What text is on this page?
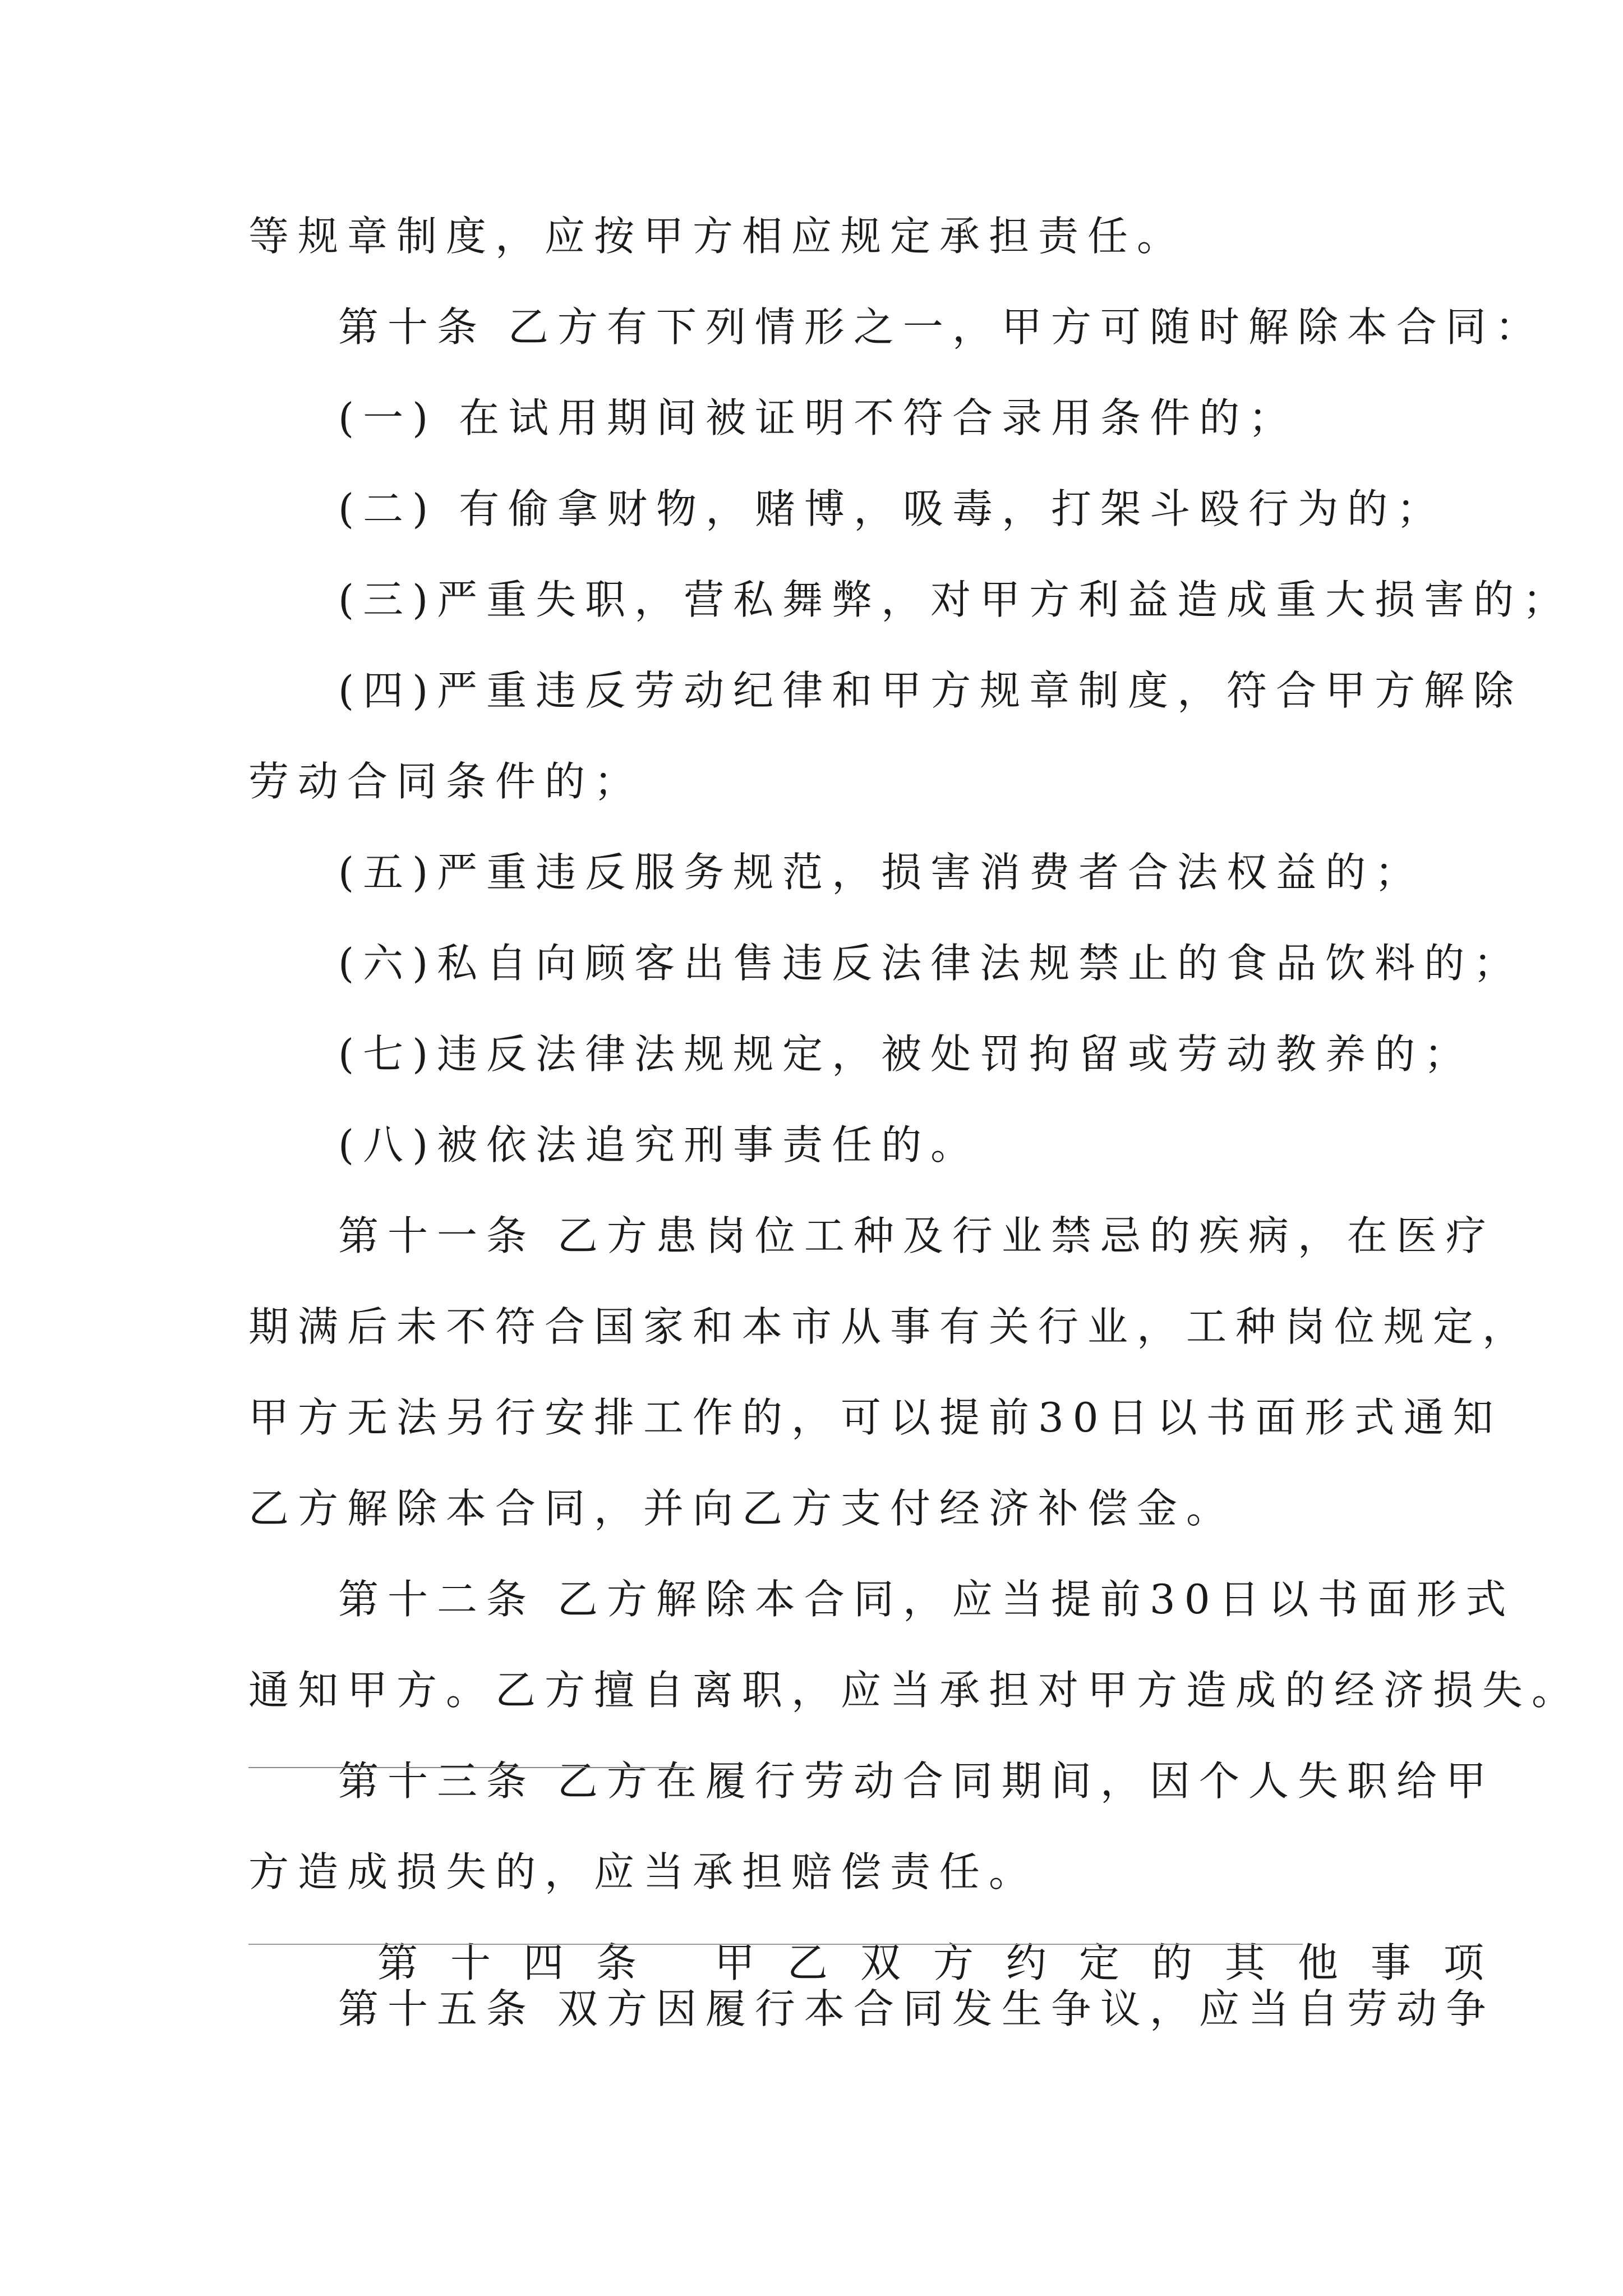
等规章制度，应按甲方相应规定承担责任。

第十条 乙方有下列情形之一，甲方可随时解除本合同：

(一) 在试用期间被证明不符合录用条件的；

(二) 有偷拿财物，赌博，吸毒，打架斗殴行为的；

(三)严重失职，营私舞弊，对甲方利益造成重大损害的；

(四)严重违反劳动纪律和甲方规章制度，符合甲方解除

劳动合同条件的；

(五)严重违反服务规范，损害消费者合法权益的；

(六)私自向顾客出售违反法律法规禁止的食品饮料的；

(七)违反法律法规规定，被处罚拘留或劳动教养的；

(八)被依法追究刑事责任的。

第十一条 乙方患岗位工种及行业禁忌的疾病，在医疗

期满后未不符合国家和本市从事有关行业，工种岗位规定，

甲方无法另行安排工作的，可以提前30日以书面形式通知

乙方解除本合同，并向乙方支付经济补偿金。

第十二条 乙方解除本合同，应当提前30日以书面形式

通知甲方。乙方擅自离职，应当承担对甲方造成的经济损失。

第十三条 乙方在履行劳动合同期间，因个人失职给甲

方造成损失的，应当承担赔偿责任。

第十四条 甲乙双方约定的其他事项

第十五条 双方因履行本合同发生争议，应当自劳动争
